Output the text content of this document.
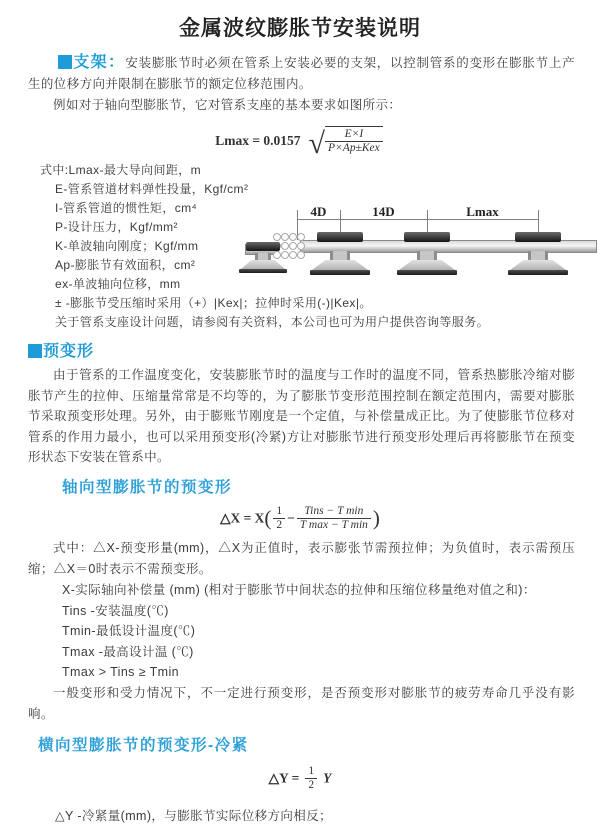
金属波纹膨胀节安装说明

支架：安装膨胀节时必须在管系上安装必要的支架，以控制管系的变形在膨胀节上产生的位移方向并限制在膨胀节的额定位移范围内。

例如对于轴向型膨胀节，它对管系支座的基本要求如图所示：

Lmax = 0.0157 √ $\frac{E\times I}{\text{P×Ap±Kex}}$
式中:Lmax-最大导向间距，m
E-管系管道材料弹性投量，Kgf/cm²
I-管系管道的惯性矩，cm⁴
P-设计压力，Kgf/mm²
K-单波轴向刚度；Kgf/mm
Ap-膨胀节有效面积，cm²
ex-单波轴向位移，mm
± -膨胀节受压缩时采用（+）|Kex|；拉伸时采用(-)|Kex|。
关于管系支座设计问题，请参阅有关资料，本公司也可为用户提供咨询等服务。
4D	14D	Lmax

预变形

由于管系的工作温度变化，安装膨胀节时的温度与工作时的温度不同，管系热膨胀冷缩对膨胀节产生的拉伸、压缩量常常是不均等的，为了膨胀节变形范围控制在额定范围内，需要对膨胀节采取预变形处理。另外，由于膨账节刚度是一个定值，与补偿量成正比。为了使膨胀节位移对管系的作用力最小，也可以采用预变形(冷紧)方让对膨胀节进行预变形处理后再将膨胀节在预变形状态下安装在管系中。

轴向型膨胀节的预变形

△X = $X( \frac{1}{2} - \frac{\text{Tins − T min}}{\text{T max − T min}}$ )

式中：△X-预变形量(mm)，△X为正值时，表示膨张节需预拉伸；为负值时，表示需预压缩；△X＝0时表示不需预变形。

X-实际轴向补偿量 (mm) (相对于膨胀节中间状态的拉伸和压缩位移量绝对值之和)：
Tins -安装温度(℃)
Tmin-最低设计温度(℃)
Tmax -最高设计温 (℃)
Tmax > Tins ≥ Tmin

一般变形和受力情况下，不一定进行预变形，是否预变形对膨胀节的疲劳寿命几乎没有影响。

横向型膨胀节的预变形-冷紧

△Y = $\frac{1}{2}$ Y

△Y -冷紧量(mm)，与膨胀节实际位移方向相反；
